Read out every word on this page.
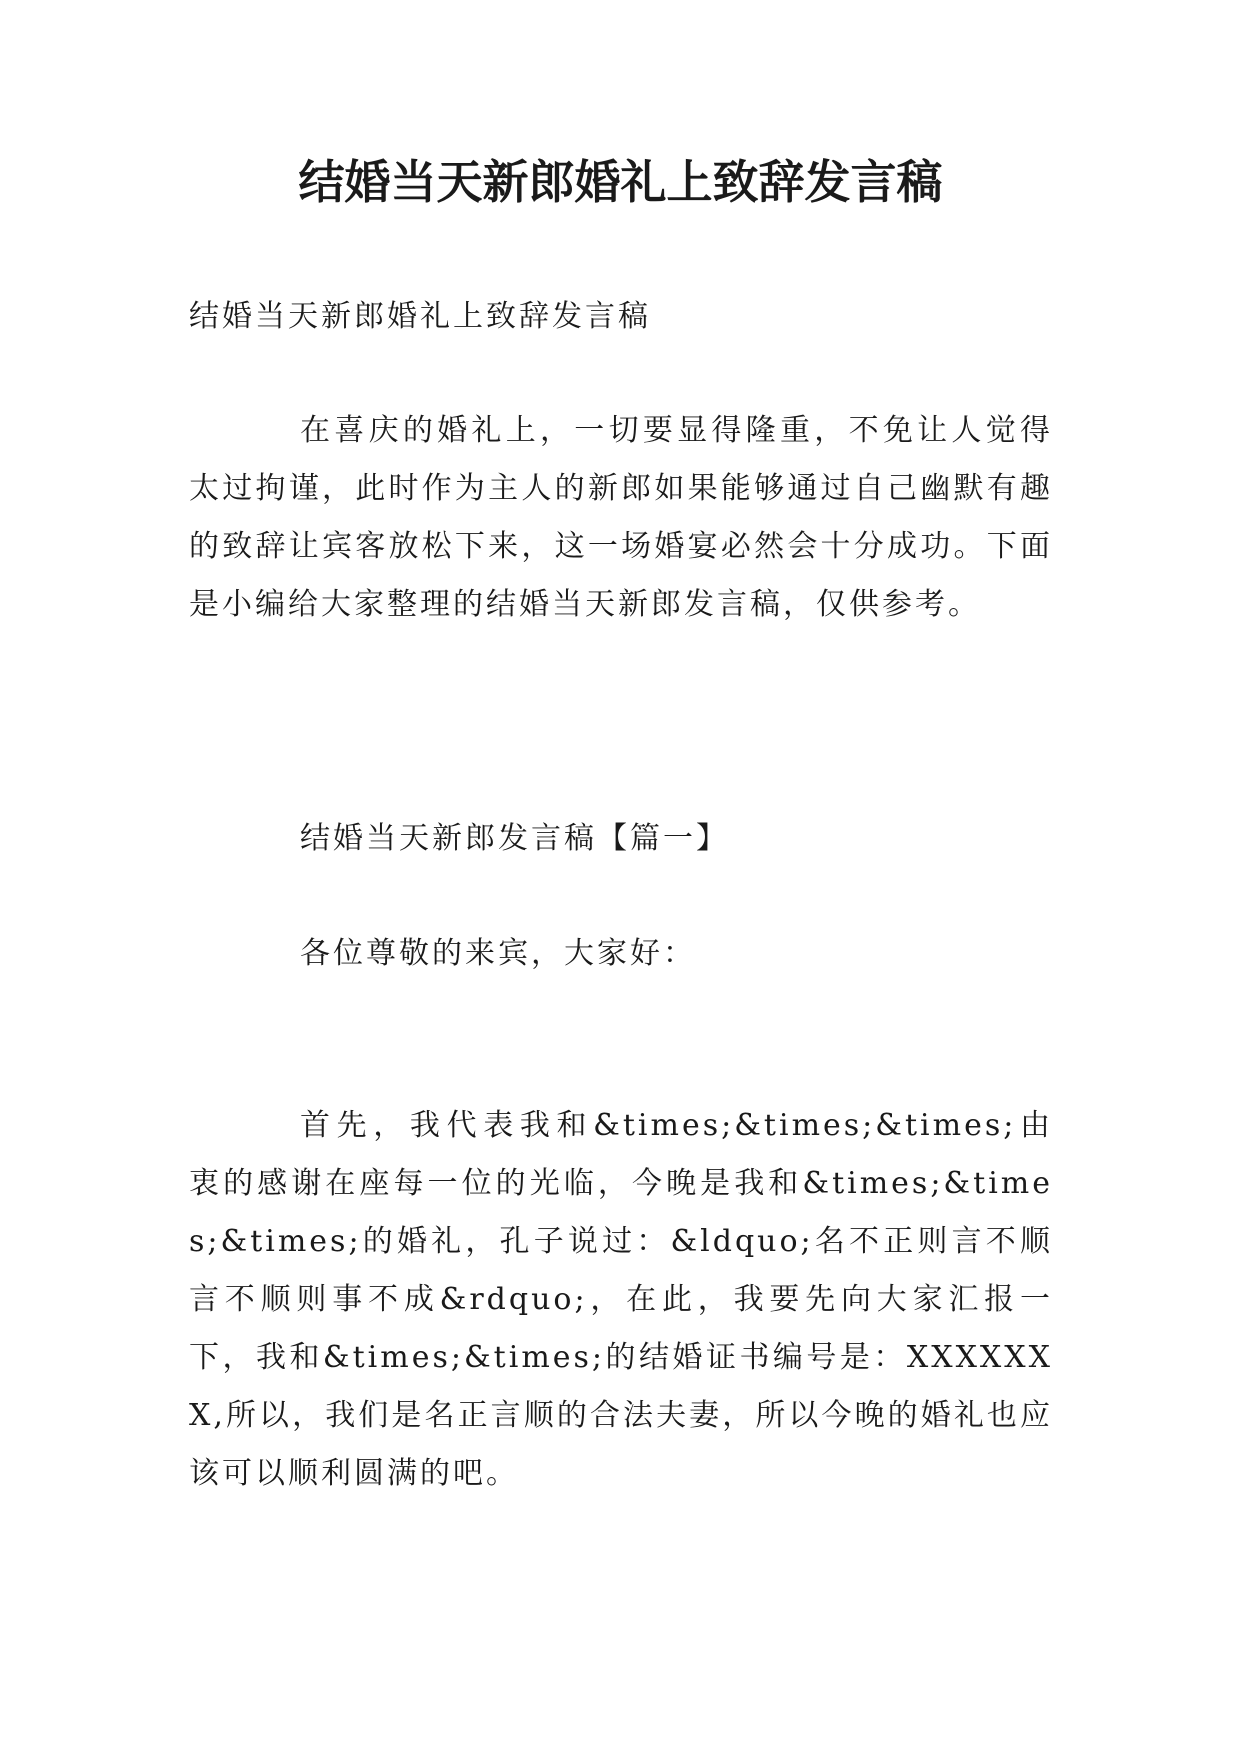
结婚当天新郎婚礼上致辞发言稿

结婚当天新郎婚礼上致辞发言稿

在喜庆的婚礼上，一切要显得隆重，不免让人觉得太过拘谨，此时作为主人的新郎如果能够通过自己幽默有趣的致辞让宾客放松下来，这一场婚宴必然会十分成功。下面是小编给大家整理的结婚当天新郎发言稿，仅供参考。

结婚当天新郎发言稿【篇一】

各位尊敬的来宾，大家好：

首先，我代表我和&times;&times;&times;由衷的感谢在座每一位的光临，今晚是我和&times;&times;&times;的婚礼，孔子说过：&ldquo;名不正则言不顺言不顺则事不成&rdquo;，在此，我要先向大家汇报一下，我和&times;&times;的结婚证书编号是：XXXXXXX,所以，我们是名正言顺的合法夫妻，所以今晚的婚礼也应该可以顺利圆满的吧。
